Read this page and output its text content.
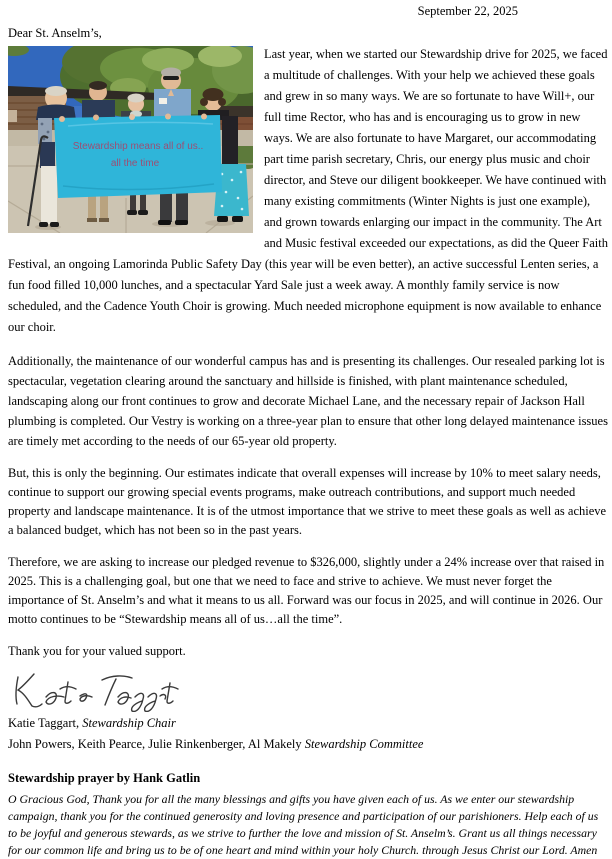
September 22, 2025
Dear St. Anselm’s,

Stewardship means all of us..
all the time
Last year, when we started our Stewardship drive for 2025, we faced a multitude of challenges. With your help we achieved these goals and grew in so many ways. We are so fortunate to have Will+, our full time Rector, who has and is encouraging us to grow in new ways. We are also fortunate to have Margaret, our accommodating part time parish secretary, Chris, our energy plus music and choir director, and Steve our diligent bookkeeper. We have continued with many existing commitments (Winter Nights is just one example), and grown towards enlarging our impact in the community. The Art and Music festival exceeded our expectations, as did the Queer Faith Festival, an ongoing Lamorinda Public Safety Day (this year will be even better), an active successful Lenten series, a fun food filled 10,000 lunches, and a spectacular Yard Sale just a week away. A monthly family service is now scheduled, and the Cadence Youth Choir is growing. Much needed microphone equipment is now available to enhance our choir.

Additionally, the maintenance of our wonderful campus has and is presenting its challenges. Our resealed parking lot is spectacular, vegetation clearing around the sanctuary and hillside is finished, with plant maintenance scheduled, landscaping along our front continues to grow and decorate Michael Lane, and the necessary repair of Jackson Hall plumbing is completed. Our Vestry is working on a three-year plan to ensure that other long delayed maintenance issues are timely met according to the needs of our 65-year old property.

But, this is only the beginning. Our estimates indicate that overall expenses will increase by 10% to meet salary needs, continue to support our growing special events programs, make outreach contributions, and support much needed property and landscape maintenance. It is of the utmost importance that we strive to meet these goals as well as achieve a balanced budget, which has not been so in the past years.

Therefore, we are asking to increase our pledged revenue to $326,000, slightly under a 24% increase over that raised in 2025. This is a challenging goal, but one that we need to face and strive to achieve. We must never forget the importance of St. Anselm’s and what it means to us all. Forward was our focus in 2025, and will continue in 2026. Our motto continues to be “Stewardship means all of us…all the time”.

Thank you for your valued support.

Katie Taggart, Stewardship Chair
John Powers, Keith Pearce, Julie Rinkenberger, Al Makely Stewardship Committee
Stewardship prayer by Hank Gatlin
O Gracious God, Thank you for all the many blessings and gifts you have given each of us. As we enter our stewardship campaign, thank you for the continued generosity and loving presence and participation of our parishioners. Help each of us to be joyful and generous stewards, as we strive to further the love and mission of St. Anselm’s. Grant us all things necessary for our common life and bring us to be of one heart and mind within your holy Church. through Jesus Christ our Lord. Amen
